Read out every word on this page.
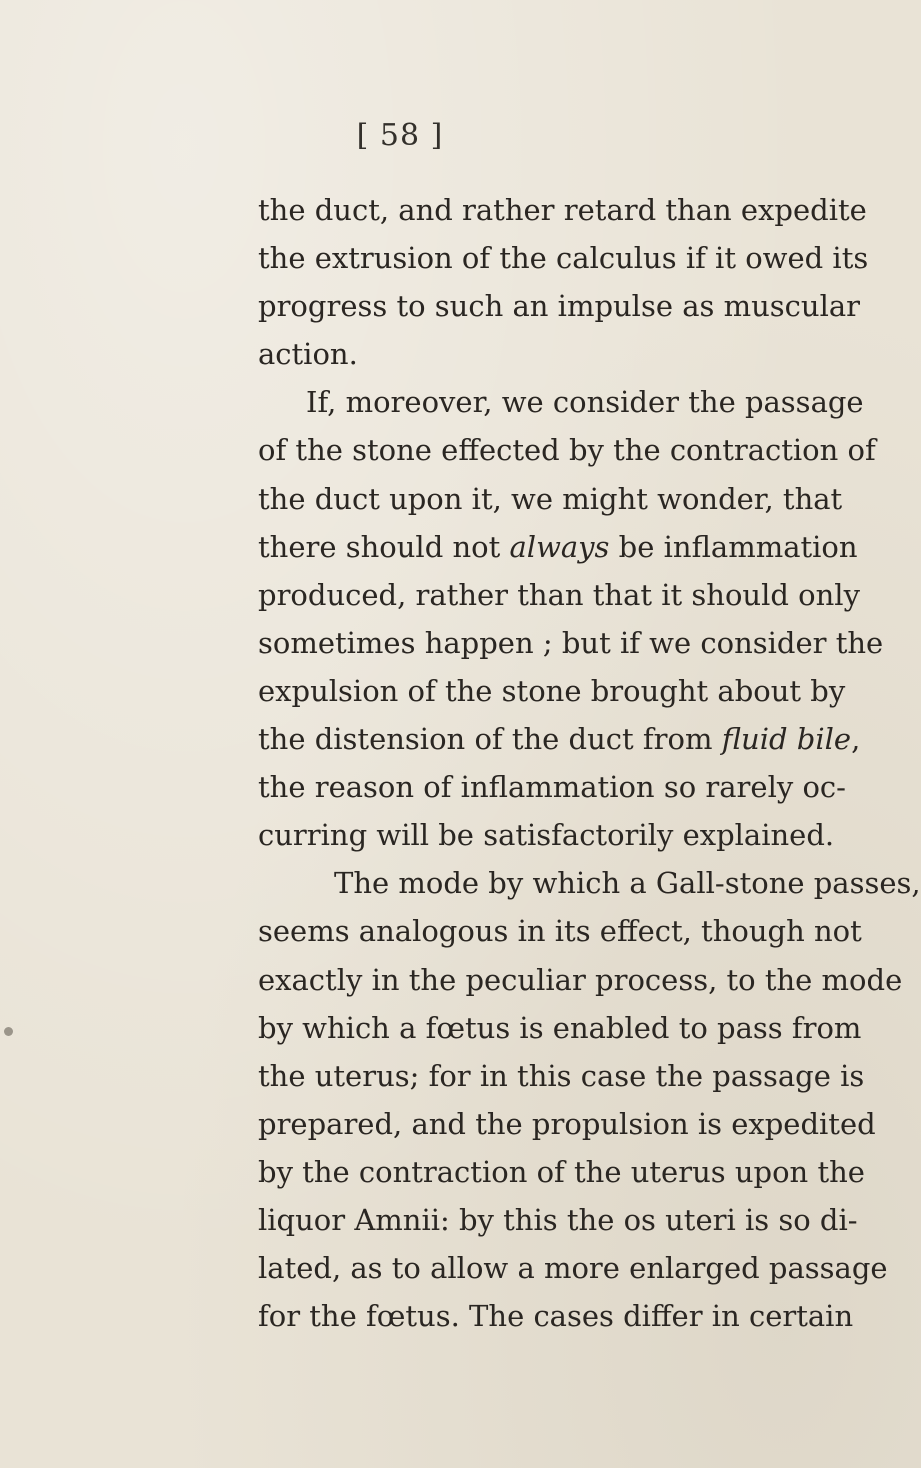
[ 58 ]
the duct, and rather retard than expedite
the extrusion of the calculus if it owed its
progress to such an impulse as muscular
action.
If, moreover, we consider the passage
of the stone effected by the contraction of
the duct upon it, we might wonder, that
there should not always be inflammation
produced, rather than that it should only
sometimes happen ; but if we consider the
expulsion of the stone brought about by
the distension of the duct from fluid bile,
the reason of inflammation so rarely oc-
curring will be satisfactorily explained.
The mode by which a Gall-stone passes,
seems analogous in its effect, though not
exactly in the peculiar process, to the mode
by which a fœtus is enabled to pass from
the uterus; for in this case the passage is
prepared, and the propulsion is expedited
by the contraction of the uterus upon the
liquor Amnii: by this the os uteri is so di-
lated, as to allow a more enlarged passage
for the fœtus. The cases differ in certain
